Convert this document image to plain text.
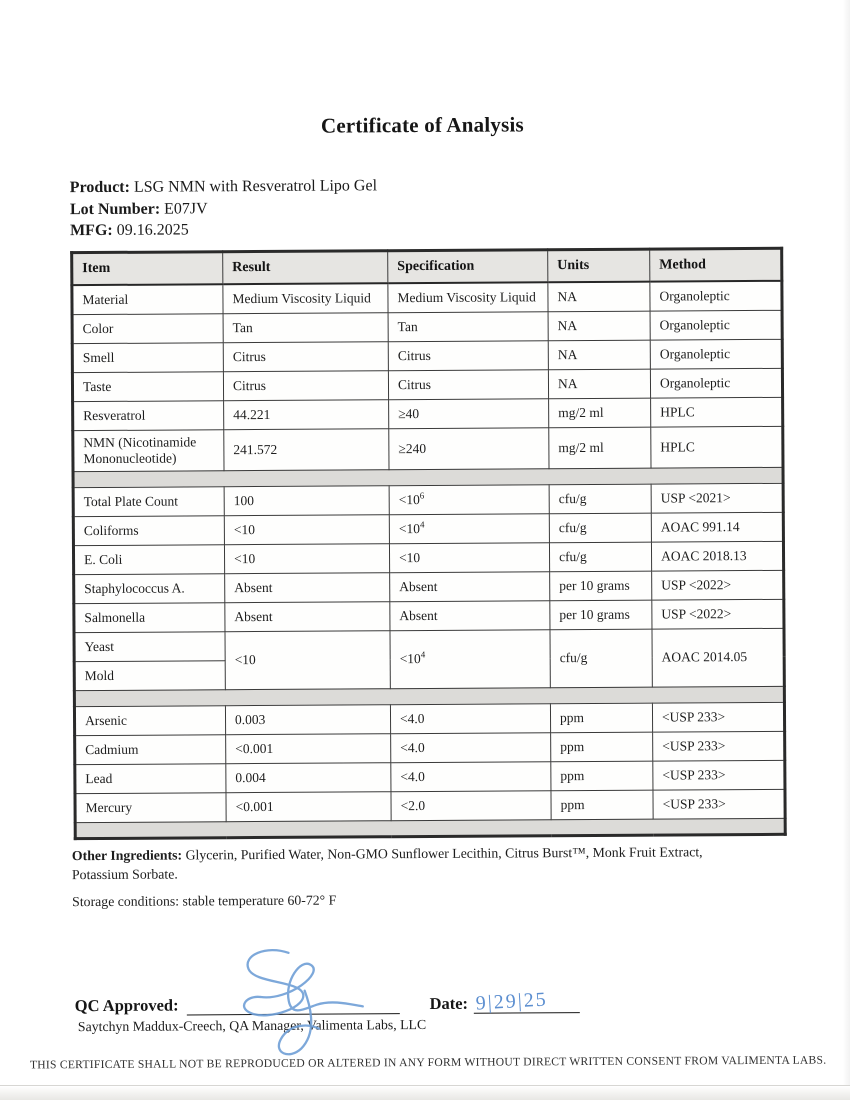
Certificate of Analysis
Product: LSG NMN with Resveratrol Lipo Gel
Lot Number: E07JV
MFG: 09.16.2025
Item	Result	Specification	Units	Method
Material	Medium Viscosity Liquid	Medium Viscosity Liquid	NA	Organoleptic
Color	Tan	Tan	NA	Organoleptic
Smell	Citrus	Citrus	NA	Organoleptic
Taste	Citrus	Citrus	NA	Organoleptic
Resveratrol	44.221	≥40	mg/2 ml	HPLC
NMN (Nicotinamide Mononucleotide)	241.572	≥240	mg/2 ml	HPLC

Total Plate Count	100	$<10^6$	cfu/g	USP <2021>
Coliforms	<10	$<10^4$	cfu/g	AOAC 991.14
E. Coli	<10	<10	cfu/g	AOAC 2018.13
Staphylococcus A.	Absent	Absent	per 10 grams	USP <2022>
Salmonella	Absent	Absent	per 10 grams	USP <2022>
Yeast	<10	$<10^4$	cfu/g	AOAC 2014.05
Mold				

Arsenic	0.003	<4.0	ppm	<USP 233>
Cadmium	<0.001	<4.0	ppm	<USP 233>
Lead	0.004	<4.0	ppm	<USP 233>
Mercury	<0.001	<2.0	ppm	<USP 233>

Other Ingredients: Glycerin, Purified Water, Non-GMO Sunflower Lecithin, Citrus Burst™, Monk Fruit Extract, Potassium Sorbate.
Storage conditions: stable temperature 60-72° F
QC Approved:	Date: 9|29|25
Saytchyn Maddux-Creech, QA Manager, Valimenta Labs, LLC
THIS CERTIFICATE SHALL NOT BE REPRODUCED OR ALTERED IN ANY FORM WITHOUT DIRECT WRITTEN CONSENT FROM VALIMENTA LABS.
